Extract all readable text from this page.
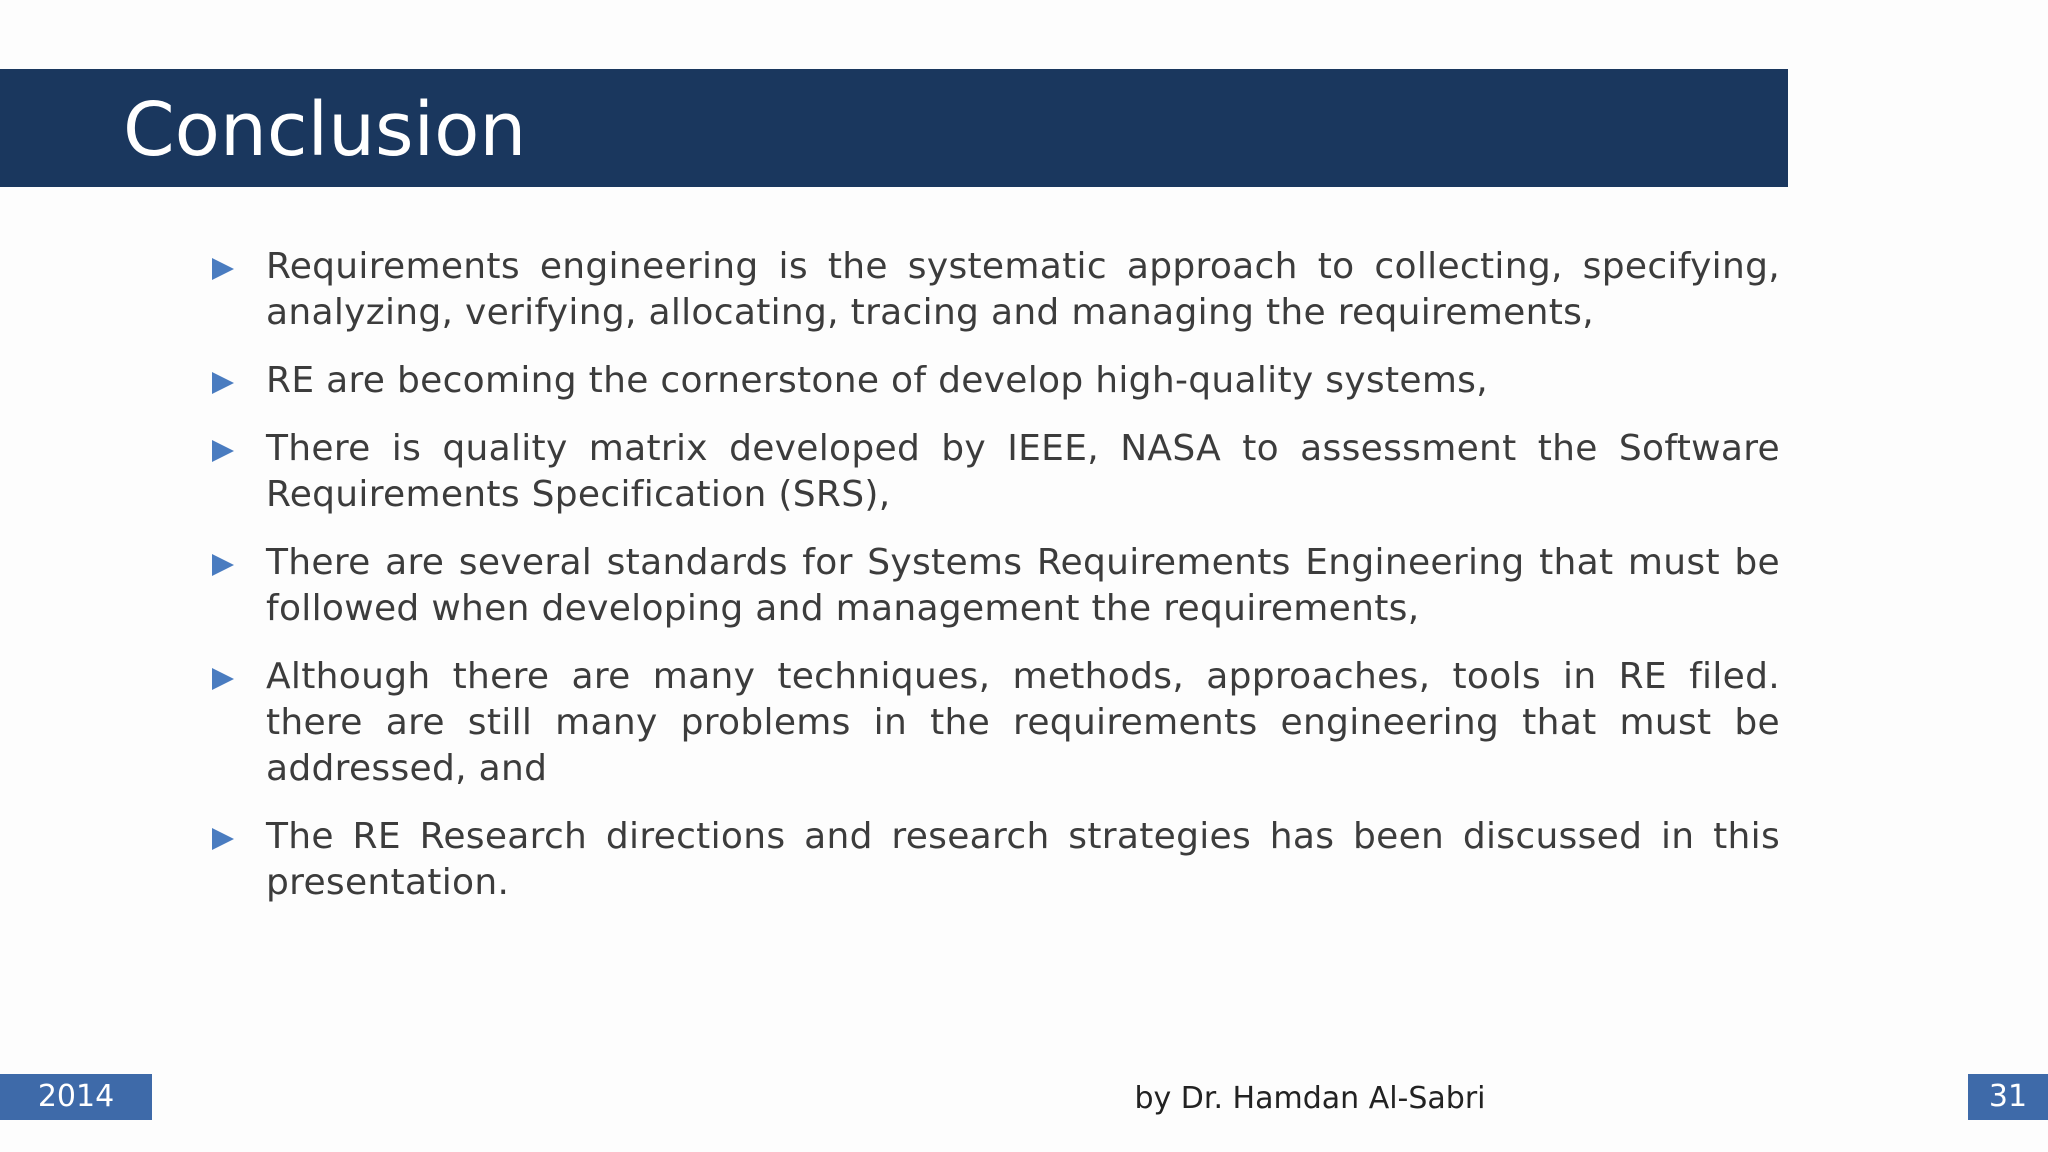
Conclusion
Requirements engineering is the systematic approach to collecting, specifying, analyzing, verifying, allocating, tracing and managing the requirements,
RE are becoming the cornerstone of develop high-quality systems,
There is quality matrix developed by IEEE, NASA to assessment the Software Requirements Specification (SRS),
There are several standards for Systems Requirements Engineering that must be followed when developing and management the requirements,
Although there are many techniques, methods, approaches, tools in RE filed. there are still many problems in the requirements engineering that must be addressed, and
The RE Research directions and research strategies has been discussed in this presentation.
2014	by Dr. Hamdan Al-Sabri	31
